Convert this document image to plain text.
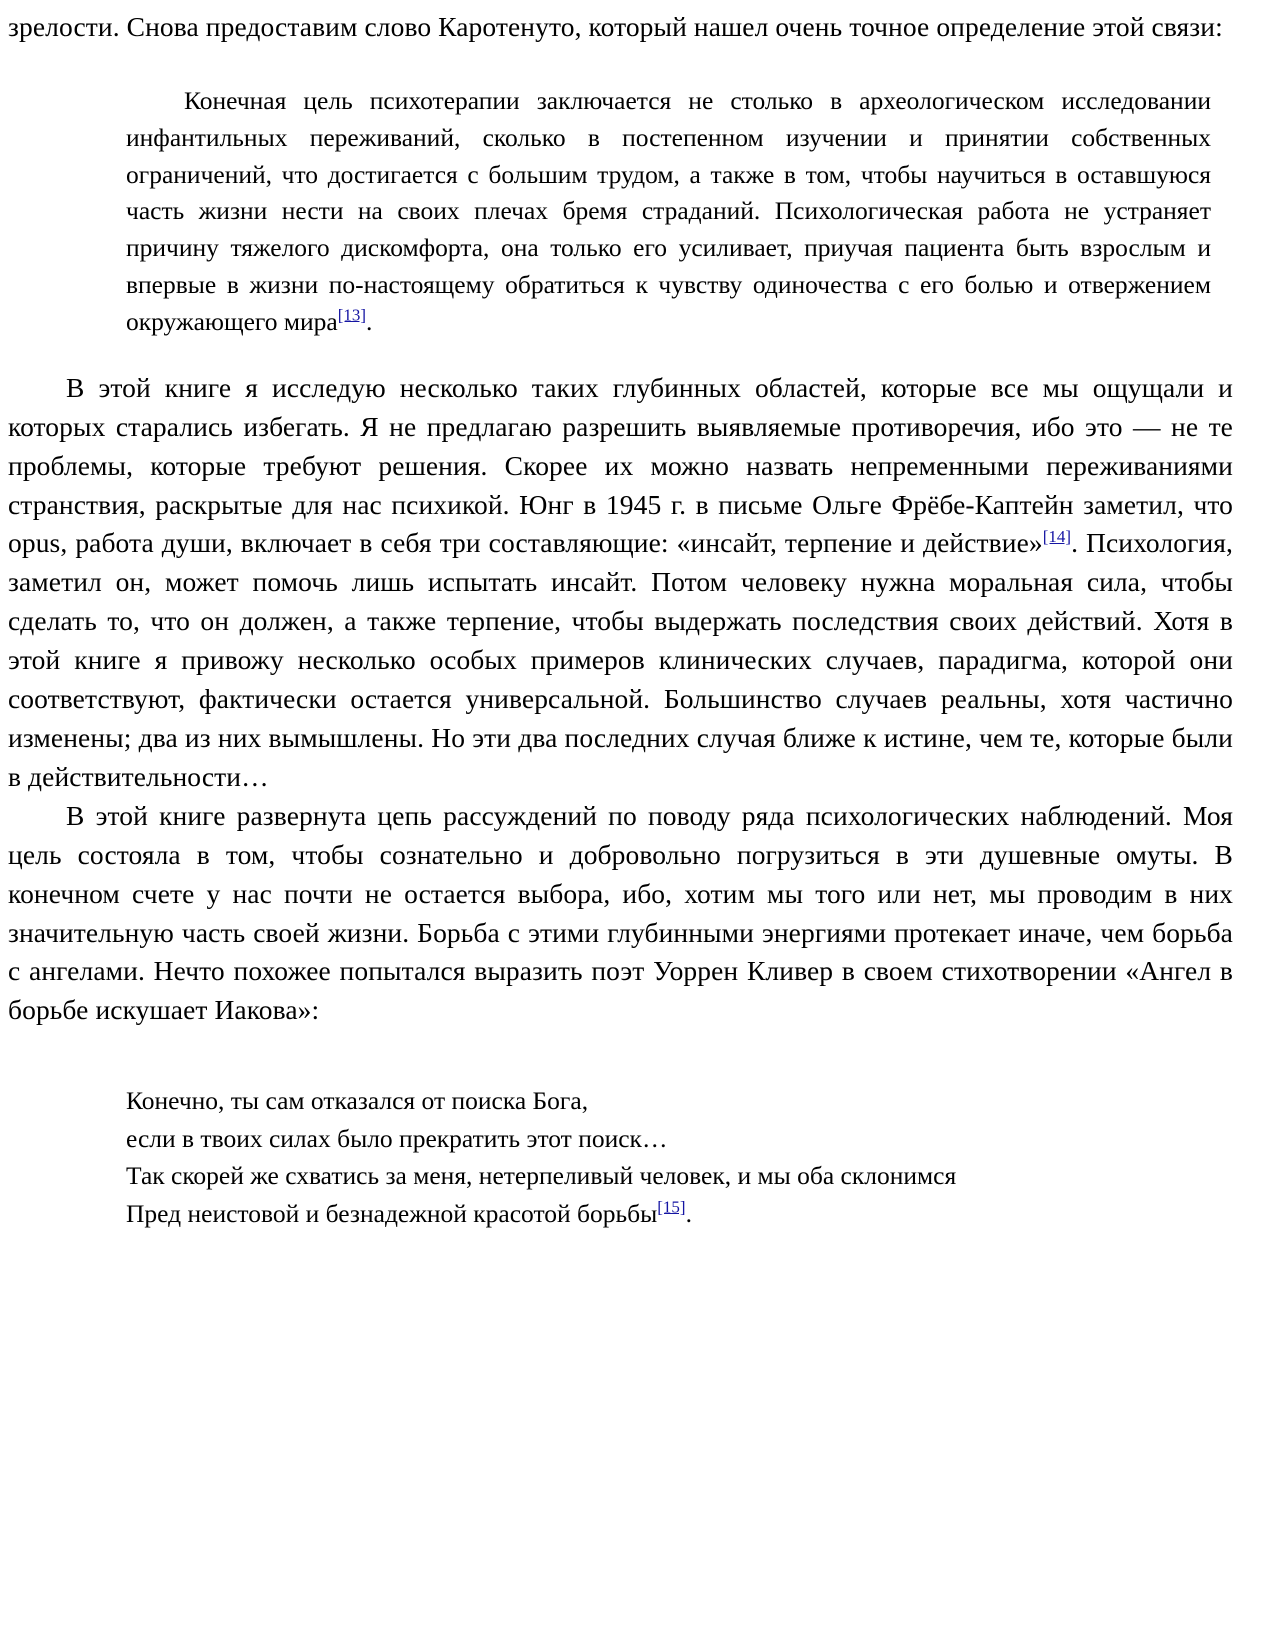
зрелости. Снова предоставим слово Каротенуто, который нашел очень точное определение этой связи:

Конечная цель психотерапии заключается не столько в археологическом исследовании инфантильных переживаний, сколько в постепенном изучении и принятии собственных ограничений, что достигается с большим трудом, а также в том, чтобы научиться в оставшуюся часть жизни нести на своих плечах бремя страданий. Психологическая работа не устраняет причину тяжелого дискомфорта, она только его усиливает, приучая пациента быть взрослым и впервые в жизни по-настоящему обратиться к чувству одиночества с его болью и отвержением окружающего мира[13].

В этой книге я исследую несколько таких глубинных областей, которые все мы ощущали и которых старались избегать. Я не предлагаю разрешить выявляемые противоречия, ибо это — не те проблемы, которые требуют решения. Скорее их можно назвать непременными переживаниями странствия, раскрытые для нас психикой. Юнг в 1945 г. в письме Ольге Фрёбе-Каптейн заметил, что opus, работа души, включает в себя три составляющие: «инсайт, терпение и действие»[14]. Психология, заметил он, может помочь лишь испытать инсайт. Потом человеку нужна моральная сила, чтобы сделать то, что он должен, а также терпение, чтобы выдержать последствия своих действий. Хотя в этой книге я привожу несколько особых примеров клинических случаев, парадигма, которой они соответствуют, фактически остается универсальной. Большинство случаев реальны, хотя частично изменены; два из них вымышлены. Но эти два последних случая ближе к истине, чем те, которые были в действительности…

В этой книге развернута цепь рассуждений по поводу ряда психологических наблюдений. Моя цель состояла в том, чтобы сознательно и добровольно погрузиться в эти душевные омуты. В конечном счете у нас почти не остается выбора, ибо, хотим мы того или нет, мы проводим в них значительную часть своей жизни. Борьба с этими глубинными энергиями протекает иначе, чем борьба с ангелами. Нечто похожее попытался выразить поэт Уоррен Кливер в своем стихотворении «Ангел в борьбе искушает Иакова»:

Конечно, ты сам отказался от поиска Бога,

если в твоих силах было прекратить этот поиск…

Так скорей же схватись за меня, нетерпеливый человек, и мы оба склонимся

Пред неистовой и безнадежной красотой борьбы[15].
